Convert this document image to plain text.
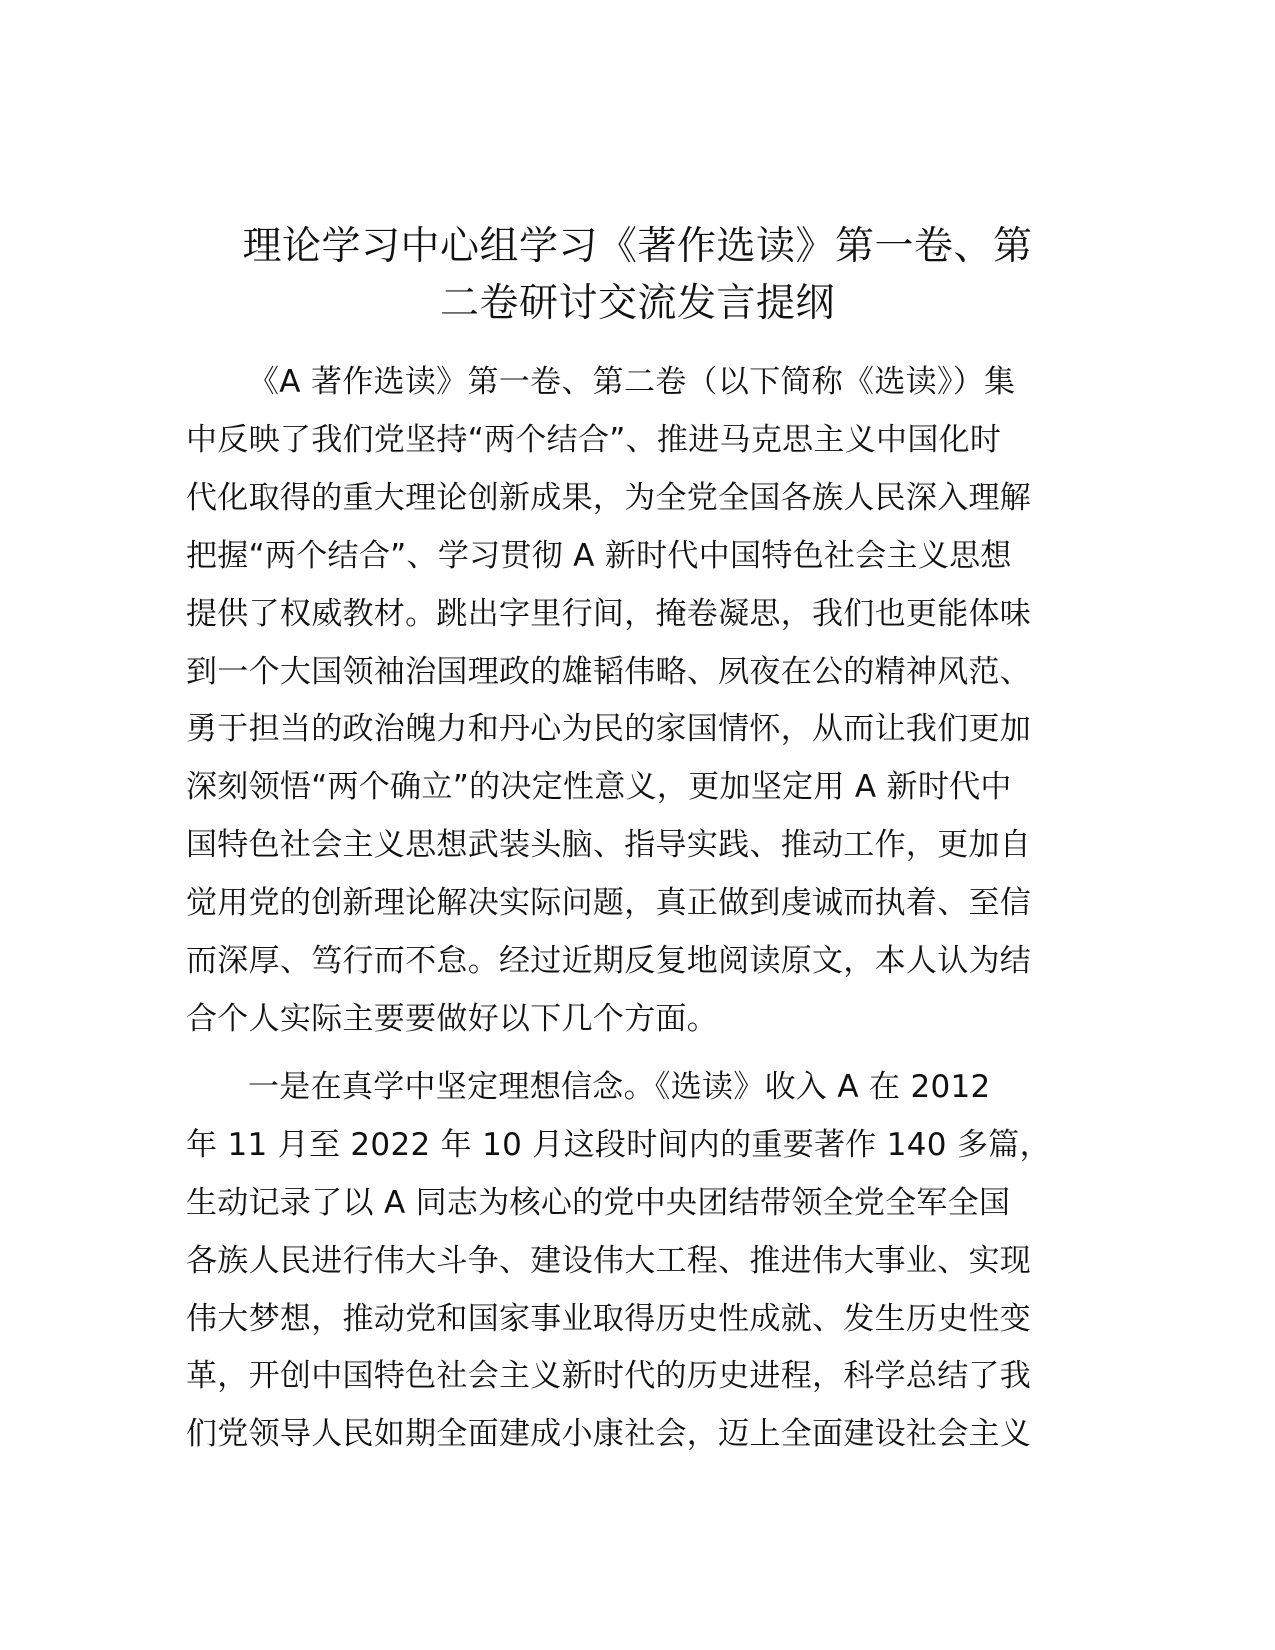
理论学习中心组学习《著作选读》第一卷、第
二卷研讨交流发言提纲

《A 著作选读》第一卷、第二卷（以下简称《选读》）集
中反映了我们党坚持“两个结合”、推进马克思主义中国化时
代化取得的重大理论创新成果，为全党全国各族人民深入理解
把握“两个结合”、学习贯彻 A 新时代中国特色社会主义思想
提供了权威教材。跳出字里行间，掩卷凝思，我们也更能体味
到一个大国领袖治国理政的雄韬伟略、夙夜在公的精神风范、
勇于担当的政治魄力和丹心为民的家国情怀，从而让我们更加
深刻领悟“两个确立”的决定性意义，更加坚定用 A 新时代中
国特色社会主义思想武装头脑、指导实践、推动工作，更加自
觉用党的创新理论解决实际问题，真正做到虔诚而执着、至信
而深厚、笃行而不怠。经过近期反复地阅读原文，本人认为结
合个人实际主要要做好以下几个方面。

一是在真学中坚定理想信念。《选读》收入 A 在 2012
年 11 月至 2022 年 10 月这段时间内的重要著作 140 多篇，
生动记录了以 A 同志为核心的党中央团结带领全党全军全国
各族人民进行伟大斗争、建设伟大工程、推进伟大事业、实现
伟大梦想，推动党和国家事业取得历史性成就、发生历史性变
革，开创中国特色社会主义新时代的历史进程，科学总结了我
们党领导人民如期全面建成小康社会，迈上全面建设社会主义
